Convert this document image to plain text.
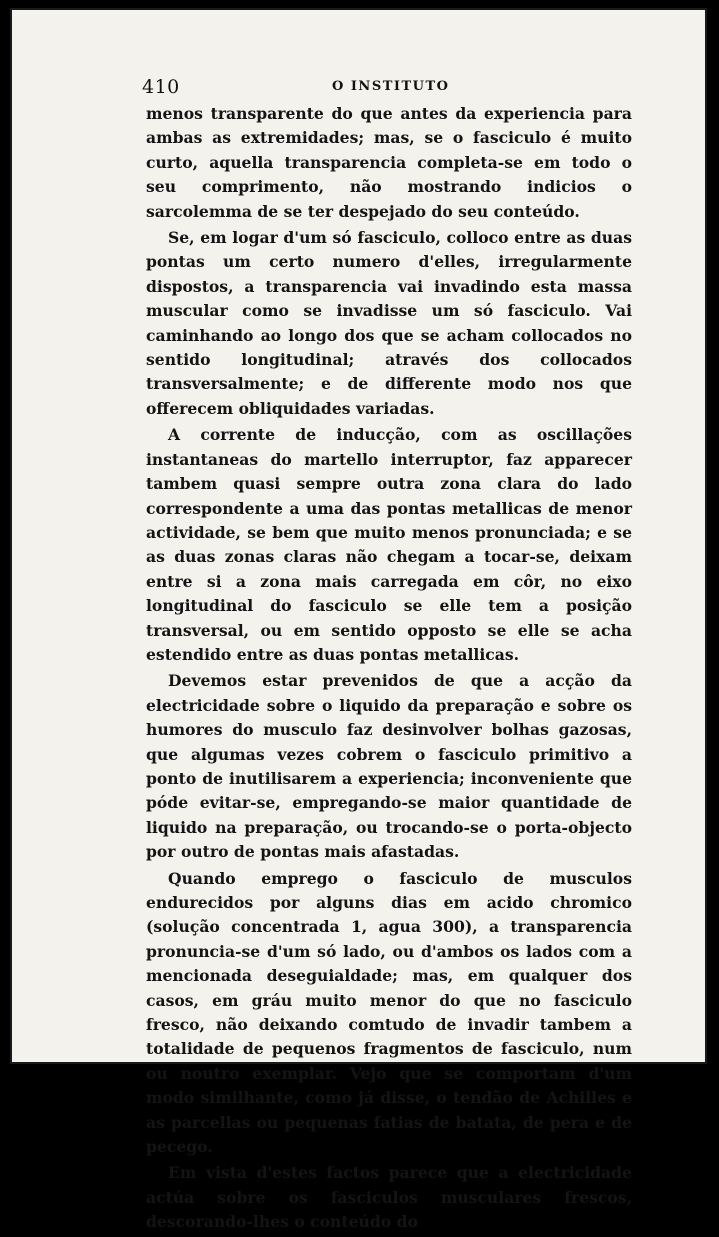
410	O INSTITUTO

menos transparente do que antes da experiencia para ambas as extremidades; mas, se o fasciculo é muito curto, aquella transparencia completa-se em todo o seu comprimento, não mostrando indicios o sarcolemma de se ter despejado do seu conteúdo.

Se, em logar d'um só fasciculo, colloco entre as duas pontas um certo numero d'elles, irregularmente dispostos, a transparencia vai invadindo esta massa muscular como se invadisse um só fasciculo. Vai caminhando ao longo dos que se acham collocados no sentido longitudinal; através dos collocados transversalmente; e de differente modo nos que offerecem obliquidades variadas.

A corrente de inducção, com as oscillações instantaneas do martello interruptor, faz apparecer tambem quasi sempre outra zona clara do lado correspondente a uma das pontas metallicas de menor actividade, se bem que muito menos pronunciada; e se as duas zonas claras não chegam a tocar-se, deixam entre si a zona mais carregada em côr, no eixo longitudinal do fasciculo se elle tem a posição transversal, ou em sentido opposto se elle se acha estendido entre as duas pontas metallicas.

Devemos estar prevenidos de que a acção da electricidade sobre o liquido da preparação e sobre os humores do musculo faz desinvolver bolhas gazosas, que algumas vezes cobrem o fasciculo primitivo a ponto de inutilisarem a experiencia; inconveniente que póde evitar-se, empregando-se maior quantidade de liquido na preparação, ou trocando-se o porta-objecto por outro de pontas mais afastadas.

Quando emprego o fasciculo de musculos endurecidos por alguns dias em acido chromico (solução concentrada 1, agua 300), a transparencia pronuncia-se d'um só lado, ou d'ambos os lados com a mencionada deseguialdade; mas, em qualquer dos casos, em gráu muito menor do que no fasciculo fresco, não deixando comtudo de invadir tambem a totalidade de pequenos fragmentos de fasciculo, num ou noutro exemplar. Vejo que se comportam d'um modo similhante, como já disse, o tendão de Achilles e as parcellas ou pequenas fatias de batata, de pera e de pecego.

Em vista d'estes factos parece que a electricidade actúa sobre os fasciculos musculares frescos, descorando-lhes o conteúdo do
